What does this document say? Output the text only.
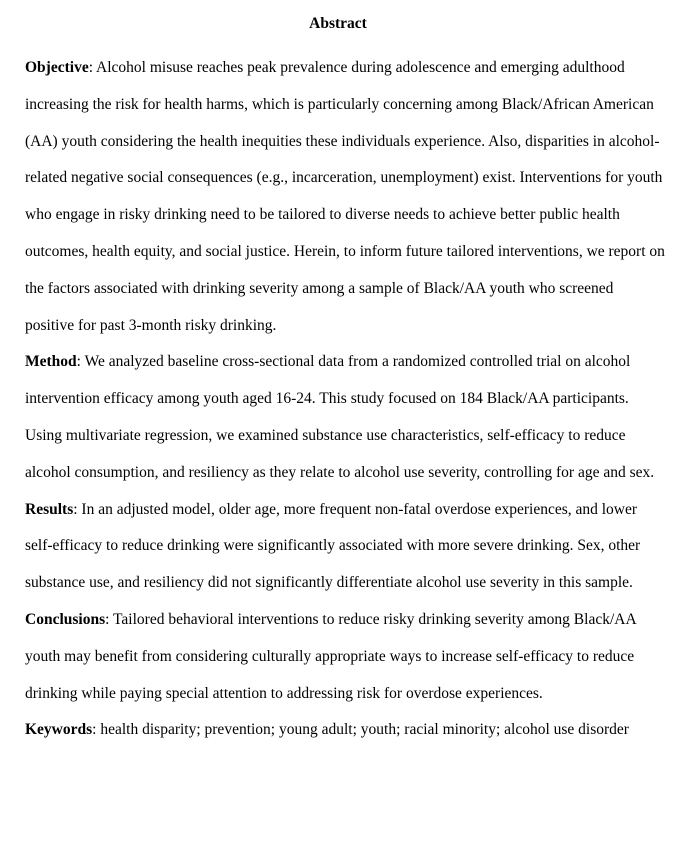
Abstract

Objective: Alcohol misuse reaches peak prevalence during adolescence and emerging adulthood increasing the risk for health harms, which is particularly concerning among Black/African American (AA) youth considering the health inequities these individuals experience. Also, disparities in alcohol-related negative social consequences (e.g., incarceration, unemployment) exist. Interventions for youth who engage in risky drinking need to be tailored to diverse needs to achieve better public health outcomes, health equity, and social justice. Herein, to inform future tailored interventions, we report on the factors associated with drinking severity among a sample of Black/AA youth who screened positive for past 3-month risky drinking.

Method: We analyzed baseline cross-sectional data from a randomized controlled trial on alcohol intervention efficacy among youth aged 16-24. This study focused on 184 Black/AA participants. Using multivariate regression, we examined substance use characteristics, self-efficacy to reduce alcohol consumption, and resiliency as they relate to alcohol use severity, controlling for age and sex.

Results: In an adjusted model, older age, more frequent non-fatal overdose experiences, and lower self-efficacy to reduce drinking were significantly associated with more severe drinking. Sex, other substance use, and resiliency did not significantly differentiate alcohol use severity in this sample.

Conclusions: Tailored behavioral interventions to reduce risky drinking severity among Black/AA youth may benefit from considering culturally appropriate ways to increase self-efficacy to reduce drinking while paying special attention to addressing risk for overdose experiences.

Keywords: health disparity; prevention; young adult; youth; racial minority; alcohol use disorder
